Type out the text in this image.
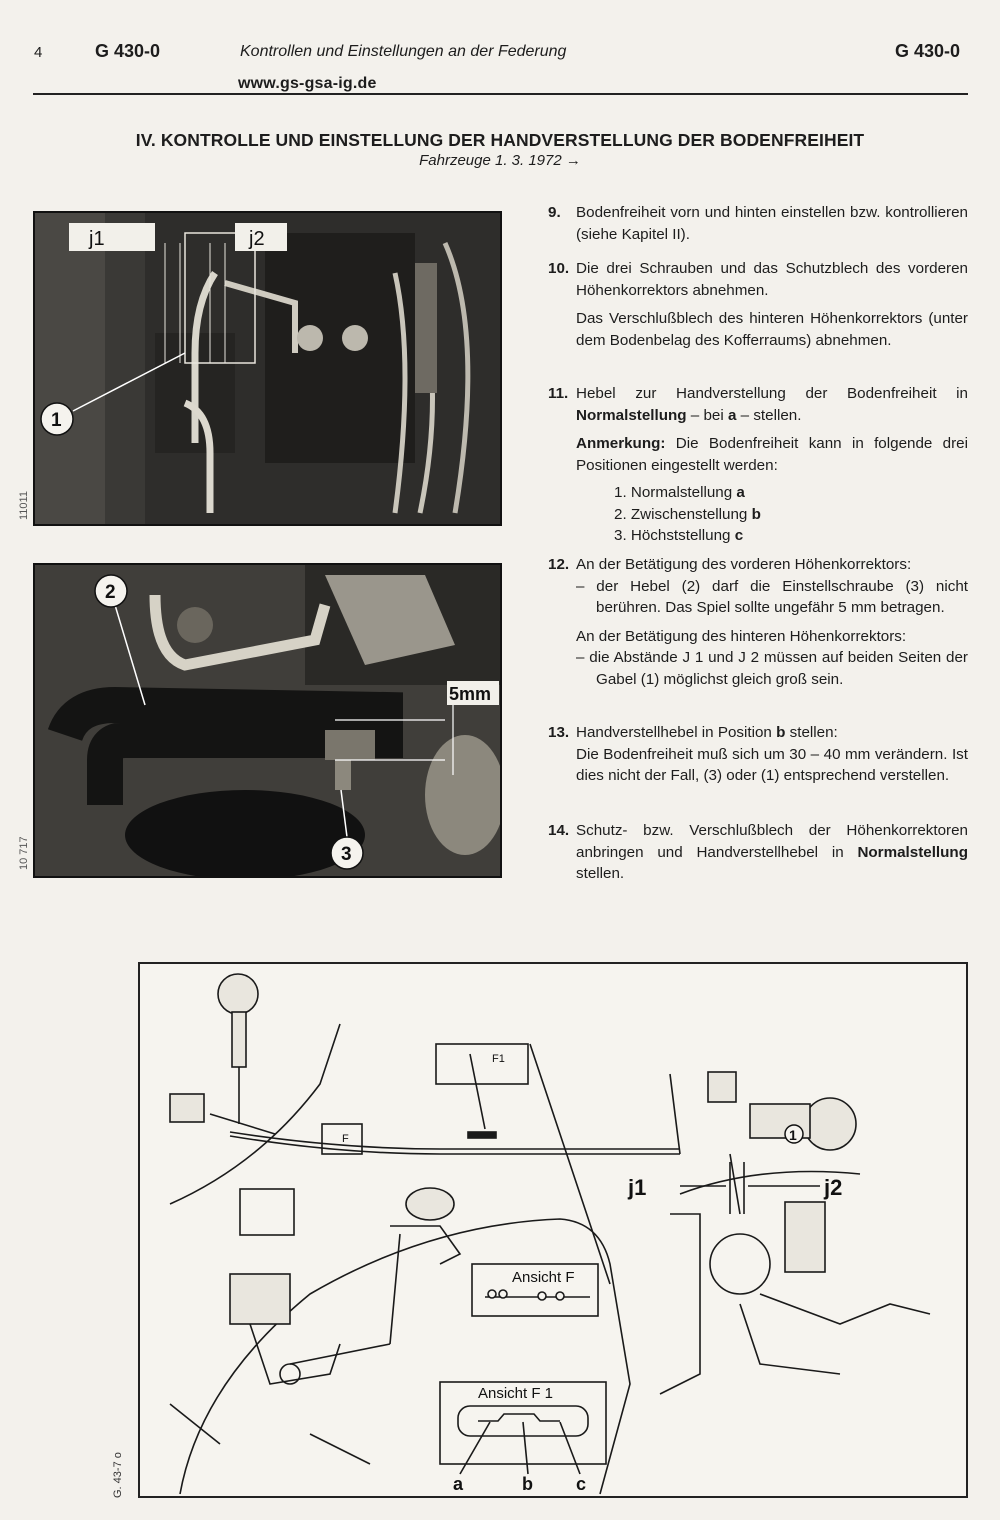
4	G 430-0	Kontrollen und Einstellungen an der Federung	G 430-0
www.gs-gsa-ig.de
IV. KONTROLLE UND EINSTELLUNG DER HANDVERSTELLUNG DER BODENFREIHEIT
Fahrzeuge 1. 3. 1972 →
j1	j2
1
11011
5mm
2
3
10 717
9. Bodenfreiheit vorn und hinten einstellen bzw. kontrollieren (siehe Kapitel II).
10. Die drei Schrauben und das Schutzblech des vorderen Höhenkorrektors abnehmen.
Das Verschlußblech des hinteren Höhenkorrektors (unter dem Bodenbelag des Kofferraums) abnehmen.
11. Hebel zur Handverstellung der Bodenfreiheit in Normalstellung – bei a – stellen.
Anmerkung: Die Bodenfreiheit kann in folgende drei Positionen eingestellt werden:
1. Normalstellung a
2. Zwischenstellung b
3. Höchststellung c
12. An der Betätigung des vorderen Höhenkorrektors:
– der Hebel (2) darf die Einstellschraube (3) nicht berühren. Das Spiel sollte ungefähr 5 mm betragen.
An der Betätigung des hinteren Höhenkorrektors:
– die Abstände J 1 und J 2 müssen auf beiden Seiten der Gabel (1) möglichst gleich groß sein.
13. Handverstellhebel in Position b stellen:
Die Bodenfreiheit muß sich um 30 – 40 mm verändern. Ist dies nicht der Fall, (3) oder (1) entsprechend verstellen.
14. Schutz- bzw. Verschlußblech der Höhenkorrektoren anbringen und Handverstellhebel in Normalstellung stellen.
F1
F
j1	j2
1
Ansicht F
Ansicht F 1
a	b c
G. 43-7 o
